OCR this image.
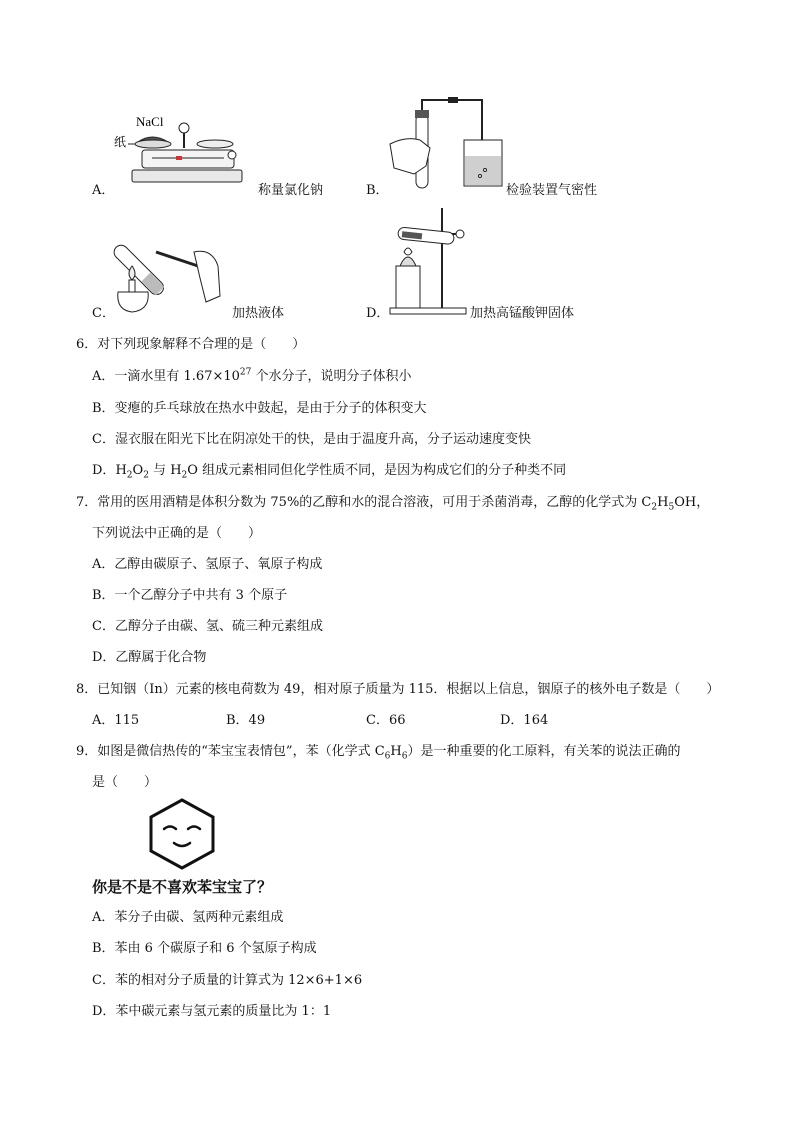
NaCl
纸
A．	称量氯化钠	B．	检验装置气密性
C．	加热液体	D．	加热高锰酸钾固体
6．对下列现象解释不合理的是（　　）
A．一滴水里有 $1.67\times 10^{27}$ 个水分子，说明分子体积小
B．变瘪的乒乓球放在热水中鼓起，是由于分子的体积变大
C．湿衣服在阳光下比在阴凉处干的快，是由于温度升高，分子运动速度变快
D．$H_2O_2$ 与 $H_2O$ 组成元素相同但化学性质不同，是因为构成它们的分子种类不同
7．常用的医用酒精是体积分数为 75%的乙醇和水的混合溶液，可用于杀菌消毒，乙醇的化学式为 $C_2H_5OH$，
下列说法中正确的是（　　）
A．乙醇由碳原子、氢原子、氧原子构成
B．一个乙醇分子中共有 3 个原子
C．乙醇分子由碳、氢、硫三种元素组成
D．乙醇属于化合物
8．已知铟（In）元素的核电荷数为 49，相对原子质量为 115．根据以上信息，铟原子的核外电子数是（　　）
A．115	B．49	C．66	D．164
9．如图是微信热传的“苯宝宝表情包”，苯（化学式 $C_6H_6$）是一种重要的化工原料，有关苯的说法正确的
是（　　）
你是不是不喜欢苯宝宝了？
A．苯分子由碳、氢两种元素组成
B．苯由 6 个碳原子和 6 个氢原子构成
C．苯的相对分子质量的计算式为 12×6+1×6
D．苯中碳元素与氢元素的质量比为 1：1
